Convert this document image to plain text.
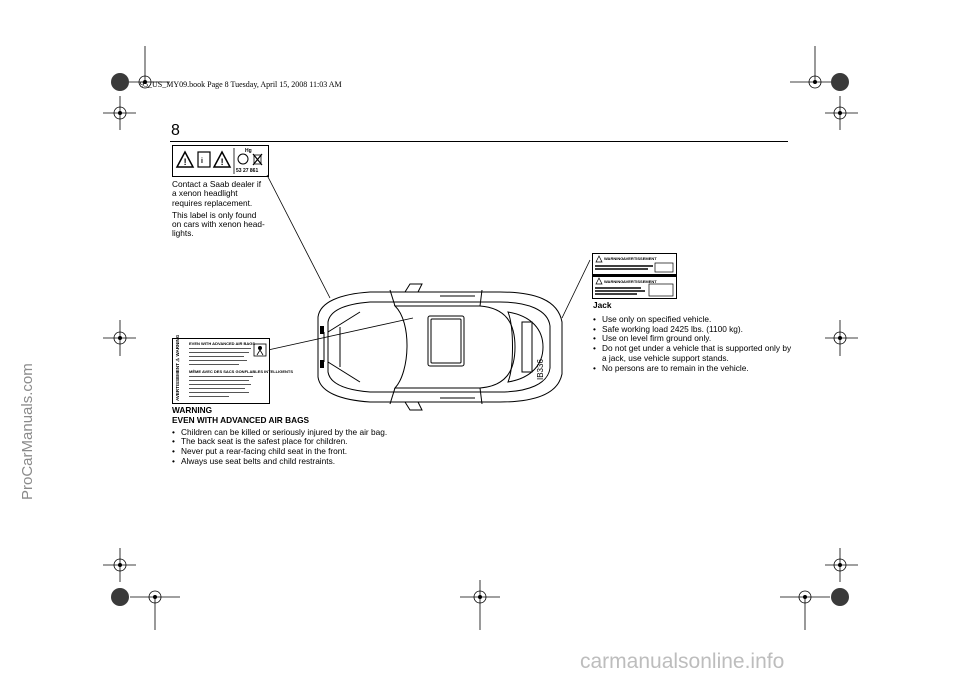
95_US_MY09.book Page 8 Tuesday, April 15, 2008 11:03 AM
8
ProCarManuals.com
! i !
Hg
53 27 861

Contact a Saab dealer if a xenon headlight requires replacement.

This label is only found on cars with xenon head-lights.

IB336
AVERTISSEMENT ⚠ WARNING EVEN WITH ADVANCED AIR BAGS
MÊME AVEC DES SACS GONFLABLES INTELLIGENTS

WARNING

EVEN WITH ADVANCED AIR BAGS

• Children can be killed or seriously injured by the air bag.
• The back seat is the safest place for children.
• Never put a rear-facing child seat in the front.
• Always use seat belts and child restraints.
WARNING AVERTISSEMENT
WARNING AVERTISSEMENT

Jack

• Use only on specified vehicle.
• Safe working load 2425 lbs. (1100 kg).
• Use on level firm ground only.
• Do not get under a vehicle that is supported only by a jack, use vehicle support stands.
• No persons are to remain in the vehicle.
carmanualsonline.info
